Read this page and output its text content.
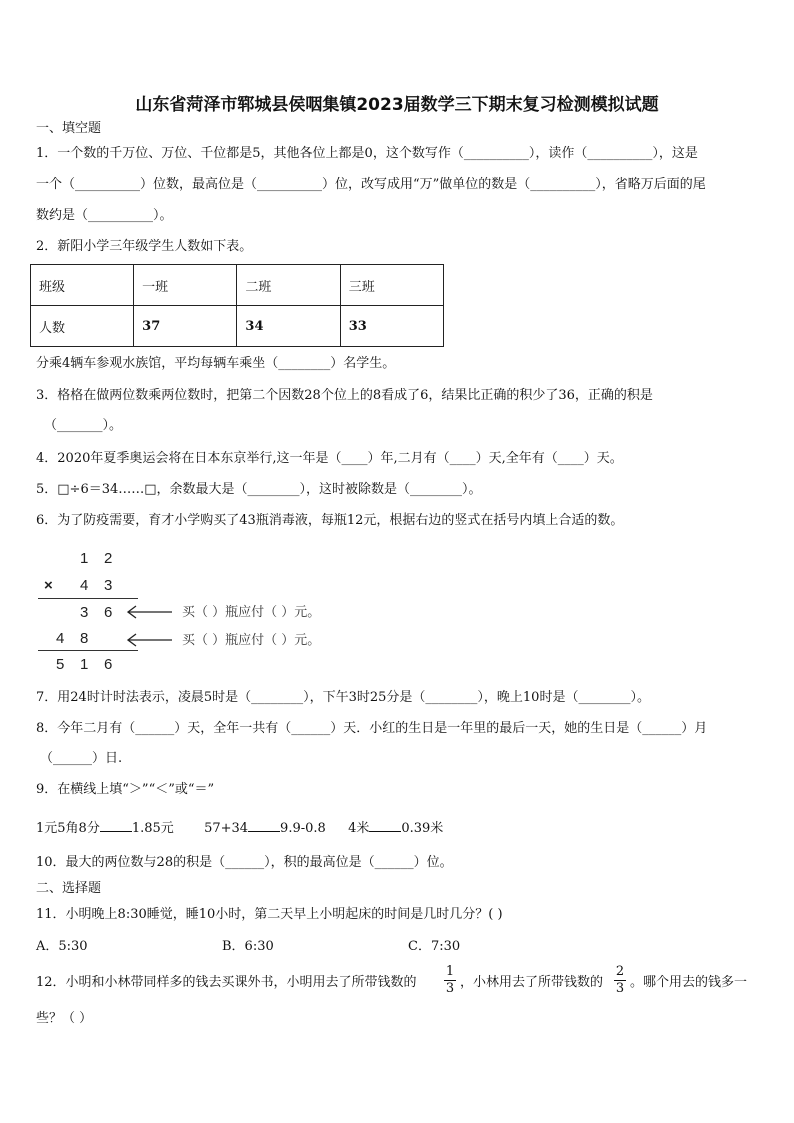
山东省菏泽市郓城县侯咽集镇2023届数学三下期末复习检测模拟试题
一、填空题
1．一个数的千万位、万位、千位都是5，其他各位上都是0，这个数写作（__________），读作（__________），这是
一个（__________）位数，最高位是（__________）位，改写成用“万”做单位的数是（__________），省略万后面的尾
数约是（__________）。
2．新阳小学三年级学生人数如下表。
班级	一班	二班	三班
人数	37	34	33
分乘4辆车参观水族馆，平均每辆车乘坐（________）名学生。
3．格格在做两位数乘两位数时，把第二个因数28个位上的8看成了6，结果比正确的积少了36，正确的积是
（_______）。
4．2020年夏季奥运会将在日本东京举行,这一年是（____）年,二月有（____）天,全年有（____）天。
5．□÷6＝34……□，余数最大是（________），这时被除数是（________）。
6．为了防疫需要，育才小学购买了43瓶消毒液，每瓶12元，根据右边的竖式在括号内填上合适的数。
1 2
× 4 3
3 6
4 8
5 1 6
买（ ）瓶应付（ ）元。
买（ ）瓶应付（ ）元。
7．用24时计时法表示，凌晨5时是（________），下午3时25分是（________），晚上10时是（________）。
8．今年二月有（______）天，全年一共有（______）天．小红的生日是一年里的最后一天，她的生日是（______）月
（______）日.
9．在横线上填“＞”“＜”或“＝”
1元5角8分 1.85元 57+34 9.9-0.8 4米 0.39米
10．最大的两位数与28的积是（______），积的最高位是（______）位。
二、选择题
11．小明晚上8:30睡觉，睡10小时，第二天早上小明起床的时间是几时几分？( )
A．5:30	B．6:30	C．7:30
12．小明和小林带同样多的钱去买课外书，小明用去了所带钱数的
1
3 ，小林用去了所带钱数的
2
3 。哪个用去的钱多一
些？（ ）
